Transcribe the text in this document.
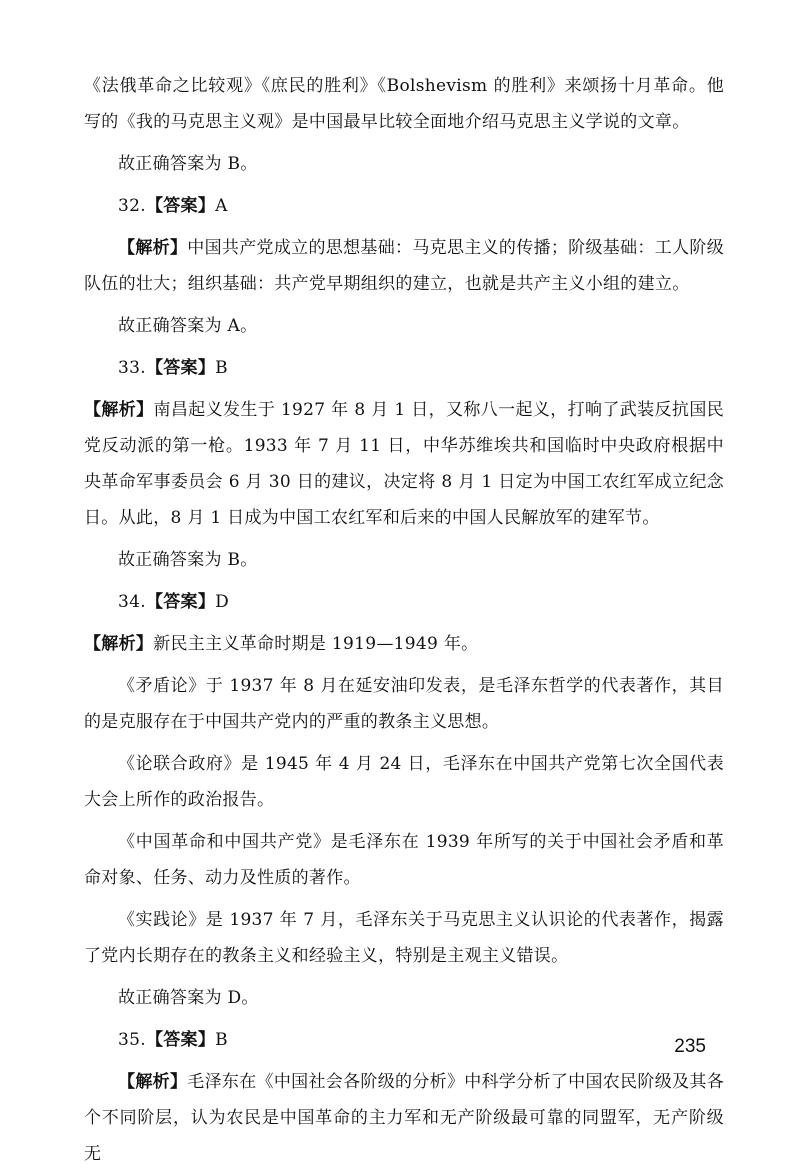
《法俄革命之比较观》《庶民的胜利》《Bolshevism 的胜利》来颂扬十月革命。他写的《我的马克思主义观》是中国最早比较全面地介绍马克思主义学说的文章。

故正确答案为 B。

32.【答案】A

【解析】中国共产党成立的思想基础：马克思主义的传播；阶级基础：工人阶级队伍的壮大；组织基础：共产党早期组织的建立，也就是共产主义小组的建立。

故正确答案为 A。

33.【答案】B

【解析】南昌起义发生于 1927 年 8 月 1 日，又称八一起义，打响了武装反抗国民党反动派的第一枪。1933 年 7 月 11 日，中华苏维埃共和国临时中央政府根据中央革命军事委员会 6 月 30 日的建议，决定将 8 月 1 日定为中国工农红军成立纪念日。从此，8 月 1 日成为中国工农红军和后来的中国人民解放军的建军节。

故正确答案为 B。

34.【答案】D

【解析】新民主主义革命时期是 1919—1949 年。

《矛盾论》于 1937 年 8 月在延安油印发表，是毛泽东哲学的代表著作，其目的是克服存在于中国共产党内的严重的教条主义思想。

《论联合政府》是 1945 年 4 月 24 日，毛泽东在中国共产党第七次全国代表大会上所作的政治报告。

《中国革命和中国共产党》是毛泽东在 1939 年所写的关于中国社会矛盾和革命对象、任务、动力及性质的著作。

《实践论》是 1937 年 7 月，毛泽东关于马克思主义认识论的代表著作，揭露了党内长期存在的教条主义和经验主义，特别是主观主义错误。

故正确答案为 D。

35.【答案】B

【解析】毛泽东在《中国社会各阶级的分析》中科学分析了中国农民阶级及其各个不同阶层，认为农民是中国革命的主力军和无产阶级最可靠的同盟军，无产阶级无

235
